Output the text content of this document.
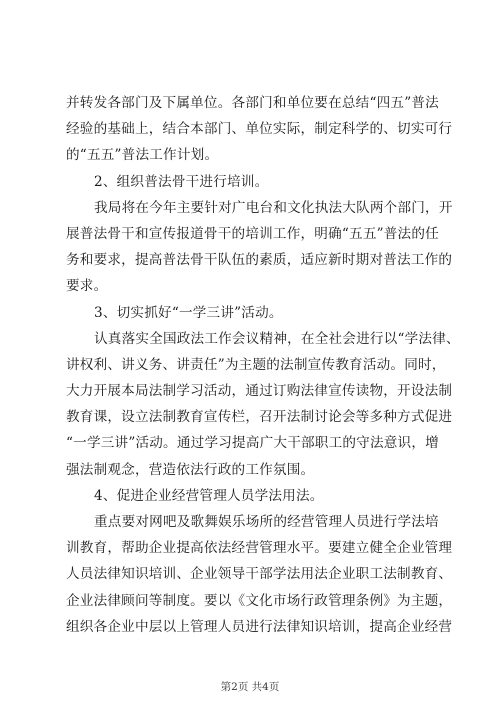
并转发各部门及下属单位。各部门和单位要在总结“四五”普法
经验的基础上，结合本部门、单位实际，制定科学的、切实可行
的“五五”普法工作计划。
2、组织普法骨干进行培训。
我局将在今年主要针对广电台和文化执法大队两个部门，开
展普法骨干和宣传报道骨干的培训工作，明确“五五”普法的任
务和要求，提高普法骨干队伍的素质，适应新时期对普法工作的
要求。
3、切实抓好“一学三讲”活动。
认真落实全国政法工作会议精神，在全社会进行以“学法律、
讲权利、讲义务、讲责任”为主题的法制宣传教育活动。同时，
大力开展本局法制学习活动，通过订购法律宣传读物，开设法制
教育课，设立法制教育宣传栏，召开法制讨论会等多种方式促进
“一学三讲”活动。通过学习提高广大干部职工的守法意识，增
强法制观念，营造依法行政的工作氛围。
4、促进企业经营管理人员学法用法。
重点要对网吧及歌舞娱乐场所的经营管理人员进行学法培
训教育，帮助企业提高依法经营管理水平。要建立健全企业管理
人员法律知识培训、企业领导干部学法用法企业职工法制教育、
企业法律顾问等制度。要以《文化市场行政管理条例》为主题，
组织各企业中层以上管理人员进行法律知识培训，提高企业经营
第2页 共4页
